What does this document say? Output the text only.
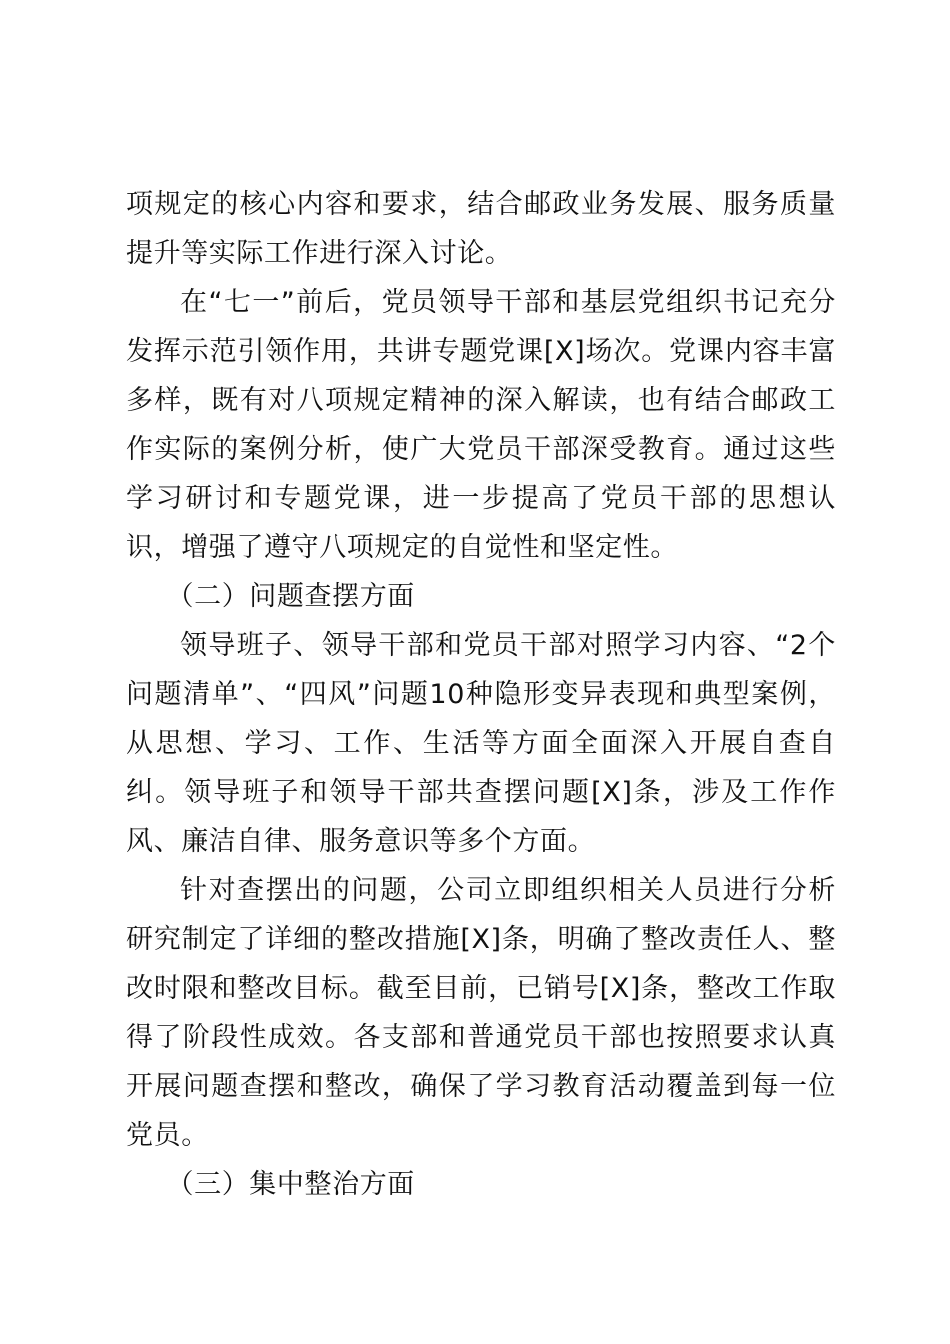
项规定的核心内容和要求，结合邮政业务发展、服务质量提升等实际工作进行深入讨论。

在“七一”前后，党员领导干部和基层党组织书记充分发挥示范引领作用，共讲专题党课[X]场次。党课内容丰富多样，既有对八项规定精神的深入解读，也有结合邮政工作实际的案例分析，使广大党员干部深受教育。通过这些学习研讨和专题党课，进一步提高了党员干部的思想认识，增强了遵守八项规定的自觉性和坚定性。

（二）问题查摆方面

领导班子、领导干部和党员干部对照学习内容、“2个问题清单”、“四风”问题10种隐形变异表现和典型案例，从思想、学习、工作、生活等方面全面深入开展自查自纠。领导班子和领导干部共查摆问题[X]条，涉及工作作风、廉洁自律、服务意识等多个方面。

针对查摆出的问题，公司立即组织相关人员进行分析研究制定了详细的整改措施[X]条，明确了整改责任人、整改时限和整改目标。截至目前，已销号[X]条，整改工作取得了阶段性成效。各支部和普通党员干部也按照要求认真开展问题查摆和整改，确保了学习教育活动覆盖到每一位党员。

（三）集中整治方面
